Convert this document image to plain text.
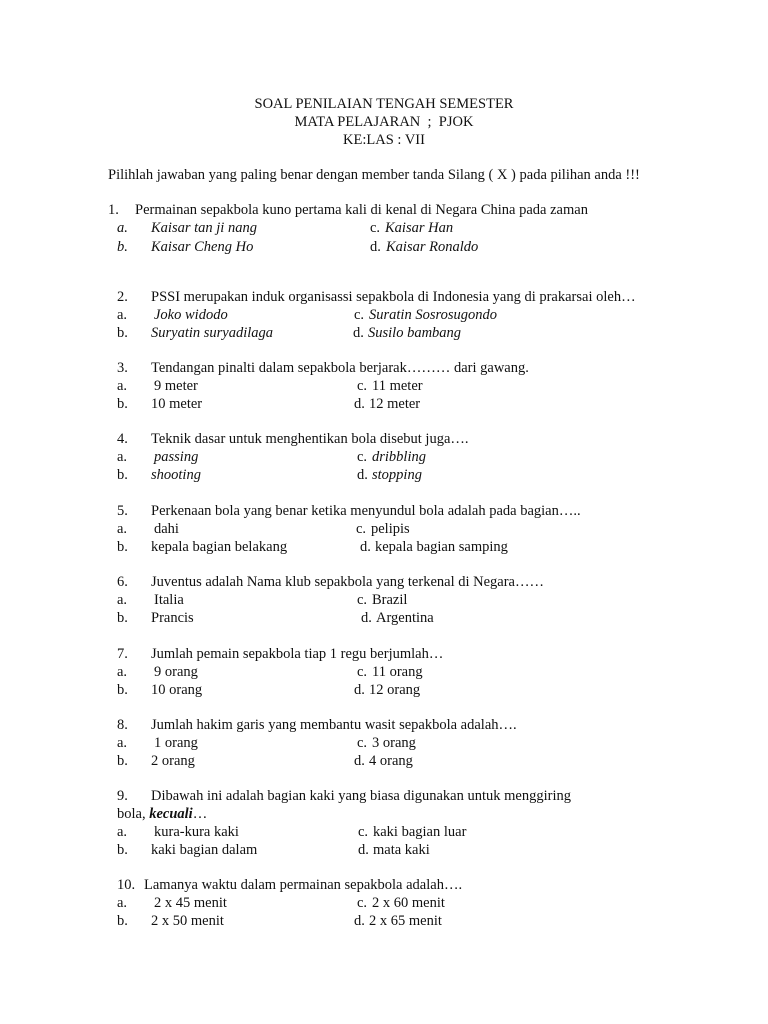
SOAL PENILAIAN TENGAH SEMESTER
MATA PELAJARAN  ;  PJOK
KE:LAS : VII
Pilihlah jawaban yang paling benar dengan member tanda Silang ( X ) pada pilihan anda !!!
1. Permainan sepakbola kuno pertama kali di kenal di Negara China pada zaman
a. Kaisar tan ji nang	c. Kaisar Han
b. Kaisar Cheng Ho	d. Kaisar Ronaldo
2. PSSI merupakan induk organisassi sepakbola di Indonesia yang di prakarsai oleh…
a. Joko widodo	c. Suratin Sosrosugondo
b. Suryatin suryadilaga	d. Susilo bambang
3. Tendangan pinalti dalam sepakbola berjarak……… dari gawang.
a. 9 meter	c. 11 meter
b. 10 meter	d. 12 meter
4. Teknik dasar untuk menghentikan bola disebut juga….
a. passing	c. dribbling
b. shooting	d. stopping
5. Perkenaan bola yang benar ketika menyundul bola adalah pada bagian…..
a. dahi	c. pelipis
b. kepala bagian belakang	d. kepala bagian samping
6. Juventus adalah Nama klub sepakbola yang terkenal di Negara……
a. Italia	c. Brazil
b. Prancis	d. Argentina
7. Jumlah pemain sepakbola tiap 1 regu berjumlah…
a. 9 orang	c. 11 orang
b. 10 orang	d. 12 orang
8. Jumlah hakim garis yang membantu wasit sepakbola adalah….
a. 1 orang	c. 3 orang
b. 2 orang	d. 4 orang
9. Dibawah ini adalah bagian kaki yang biasa digunakan untuk menggiring
bola, kecuali…
a. kura-kura kaki	c. kaki bagian luar
b. kaki bagian dalam	d. mata kaki
10. Lamanya waktu dalam permainan sepakbola adalah….
a. 2 x 45 menit	c. 2 x 60 menit
b. 2 x 50 menit	d. 2 x 65 menit
